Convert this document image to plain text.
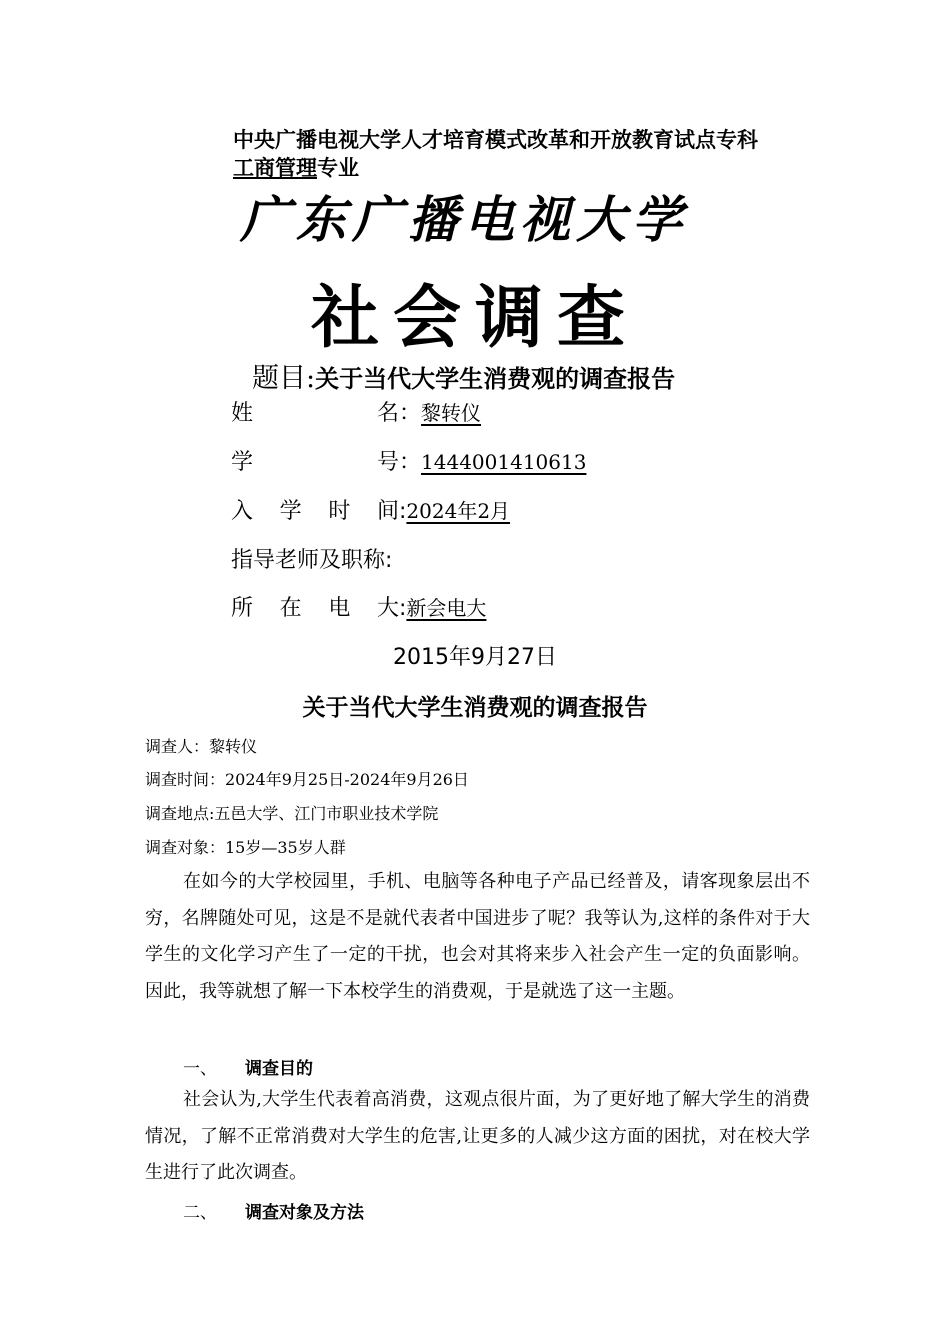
中央广播电视大学人才培育模式改革和开放教育试点专科
工商管理专业
广东广播电视大学
社会调查
题目:关于当代大学生消费观的调查报告
姓名：黎转仪
学号：1444001410613
入学时间:2024年2月
指导老师及职称:
所在电大:新会电大
2015年9月27日
关于当代大学生消费观的调查报告
调查人：黎转仪
调查时间：2024年9月25日-2024年9月26日
调查地点:五邑大学、江门市职业技术学院
调查对象：15岁—35岁人群
在如今的大学校园里，手机、电脑等各种电子产品已经普及，请客现象层出不穷，名牌随处可见，这是不是就代表者中国进步了呢？我等认为,这样的条件对于大学生的文化学习产生了一定的干扰，也会对其将来步入社会产生一定的负面影响。因此，我等就想了解一下本校学生的消费观，于是就选了这一主题。
一、 调查目的
社会认为,大学生代表着高消费，这观点很片面，为了更好地了解大学生的消费情况，了解不正常消费对大学生的危害,让更多的人减少这方面的困扰，对在校大学生进行了此次调查。
二、 调查对象及方法
